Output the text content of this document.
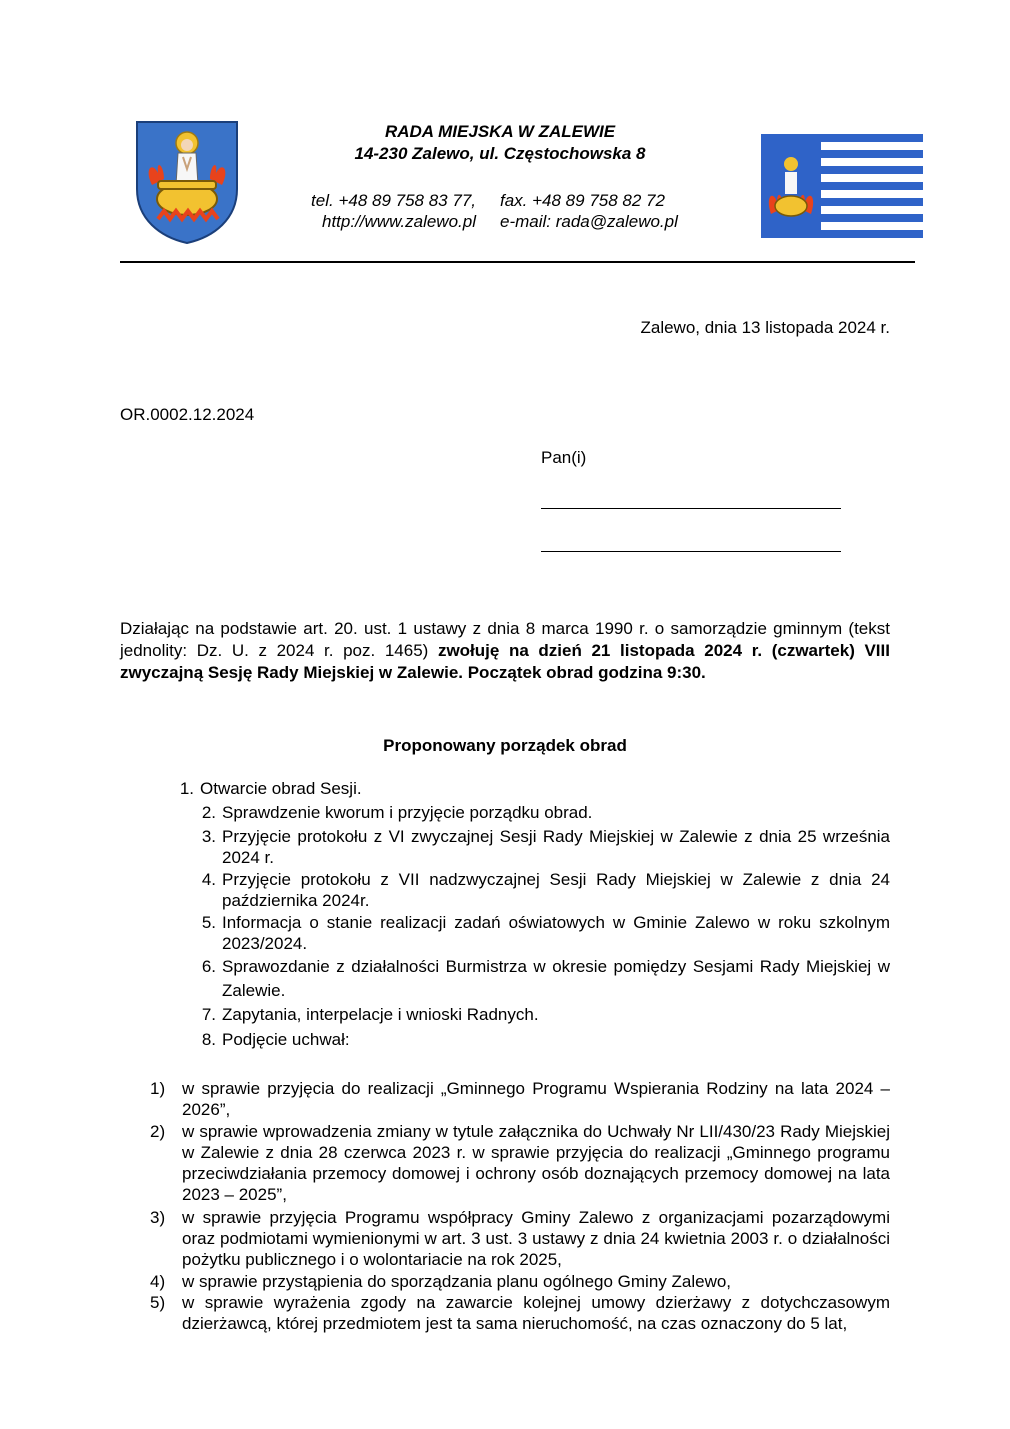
RADA MIEJSKA W ZALEWIE
14-230 Zalewo, ul. Częstochowska 8
tel. +48 89 758 83 77,	fax. +48 89 758 82 72
http://www.zalewo.pl	e-mail: rada@zalewo.pl
Zalewo, dnia 13 listopada 2024 r.
OR.0002.12.2024
Pan(i)
Działając na podstawie art. 20. ust. 1 ustawy z dnia 8 marca 1990 r. o samorządzie gminnym (tekst jednolity: Dz. U. z 2024 r. poz. 1465) zwołuję na dzień 21 listopada 2024 r. (czwartek) VIII zwyczajną Sesję Rady Miejskiej w Zalewie. Początek obrad godzina 9:30.
Proponowany porządek obrad
1. Otwarcie obrad Sesji.
2. Sprawdzenie kworum i przyjęcie porządku obrad.
3. Przyjęcie protokołu z VI zwyczajnej Sesji Rady Miejskiej w Zalewie z dnia 25 września 2024 r.
4. Przyjęcie protokołu z VII nadzwyczajnej Sesji Rady Miejskiej w Zalewie z dnia 24 października 2024r.
5. Informacja o stanie realizacji zadań oświatowych w Gminie Zalewo w roku szkolnym 2023/2024.
6. Sprawozdanie z działalności Burmistrza w okresie pomiędzy Sesjami Rady Miejskiej w Zalewie.
7. Zapytania, interpelacje i wnioski Radnych.
8. Podjęcie uchwał:
1) w sprawie przyjęcia do realizacji „Gminnego Programu Wspierania Rodziny na lata 2024 – 2026”,
2) w sprawie wprowadzenia zmiany w tytule załącznika do Uchwały Nr LII/430/23 Rady Miejskiej w Zalewie z dnia 28 czerwca 2023 r. w sprawie przyjęcia do realizacji „Gminnego programu przeciwdziałania przemocy domowej i ochrony osób doznających przemocy domowej na lata 2023 – 2025”,
3) w sprawie przyjęcia Programu współpracy Gminy Zalewo z organizacjami pozarządowymi oraz podmiotami wymienionymi w art. 3 ust. 3 ustawy z dnia 24 kwietnia 2003 r. o działalności pożytku publicznego i o wolontariacie na rok 2025,
4) w sprawie przystąpienia do sporządzania planu ogólnego Gminy Zalewo,
5) w sprawie wyrażenia zgody na zawarcie kolejnej umowy dzierżawy z dotychczasowym dzierżawcą, której przedmiotem jest ta sama nieruchomość, na czas oznaczony do 5 lat,
